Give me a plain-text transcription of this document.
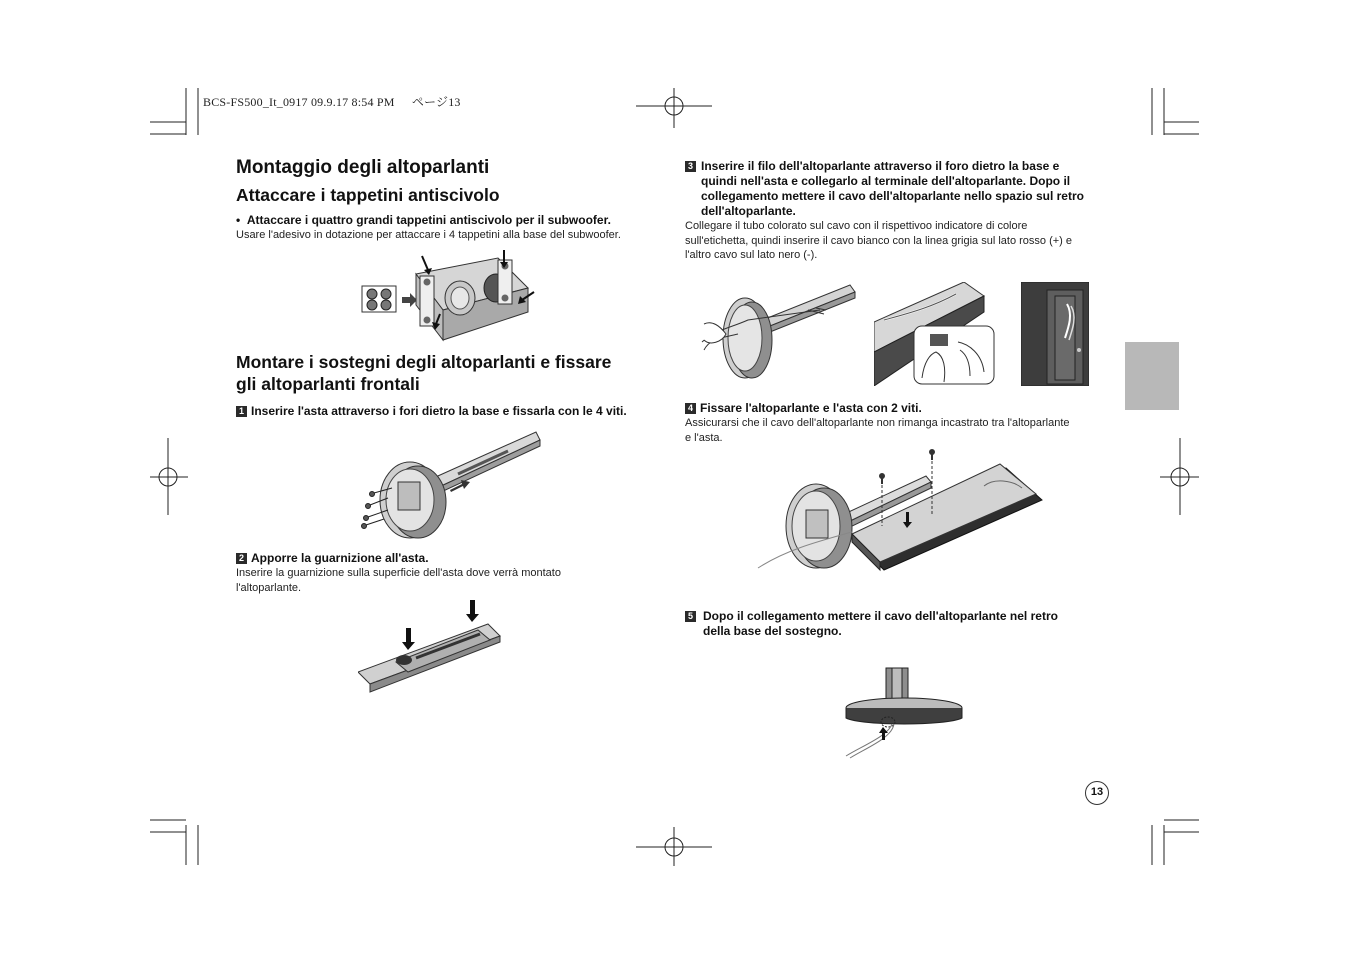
BCS-FS500_It_0917 09.9.17 8:54 PM ページ13
Montaggio degli altoparlanti
Attaccare i tappetini antiscivolo
•  Attaccare i quattro grandi tappetini antiscivolo per il subwoofer.
Usare l'adesivo in dotazione per attaccare i 4 tappetini alla base del subwoofer.
Montare i sostegni degli altoparlanti e fissare
gli altoparlanti frontali
1 Inserire l'asta attraverso i fori dietro la base e fissarla con le 4 viti.
2 Apporre la guarnizione all'asta.
Inserire la guarnizione sulla superficie dell'asta dove verrà montato
l'altoparlante.
3 Inserire il filo dell'altoparlante attraverso il foro dietro la base e
quindi nell'asta e collegarlo al terminale dell'altoparlante. Dopo il
collegamento mettere il cavo dell'altoparlante nello spazio sul retro
dell'altoparlante.
Collegare il tubo colorato sul cavo con il rispettivoo indicatore di colore
sull'etichetta, quindi inserire il cavo bianco con la linea grigia sul lato rosso (+) e
l'altro cavo sul lato nero (-).
4 Fissare l'altoparlante e l'asta con 2 viti.
Assicurarsi che il cavo dell'altoparlante non rimanga incastrato tra l'altoparlante
e l'asta.
5 Dopo il collegamento mettere il cavo dell'altoparlante nel retro
della base del sostegno.
13
